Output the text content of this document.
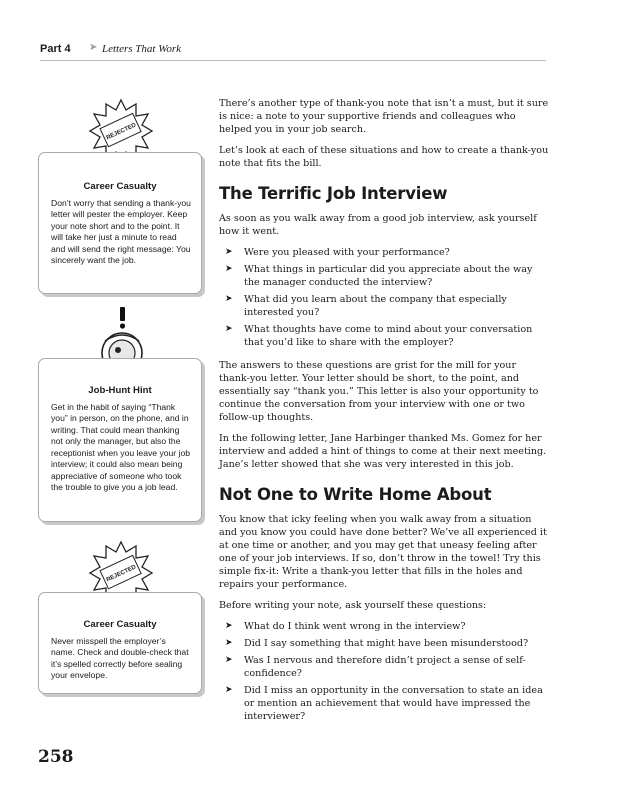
Part 4 ➤ Letters That Work
REJECTED

Career Casualty

Don’t worry that sending a thank-you letter will pester the employer. Keep your note short and to the point. It will take her just a minute to read and will send the right message: You sincerely want the job.

Job-Hunt Hint

Get in the habit of saying “Thank you” in person, on the phone, and in writing. That could mean thanking not only the manager, but also the receptionist when you leave your job interview; it could also mean being appreciative of someone who took the trouble to give you a job lead.

REJECTED

Career Casualty

Never misspell the employer’s name. Check and double-check that it’s spelled correctly before sealing your envelope.

There’s another type of thank-you note that isn’t a must, but it sure is nice: a note to your supportive friends and colleagues who helped you in your job search.

Let’s look at each of these situations and how to create a thank-you note that fits the bill.

The Terrific Job Interview

As soon as you walk away from a good job interview, ask yourself how it went.

➤ Were you pleased with your performance?
➤ What things in particular did you appreciate about the way the manager conducted the interview?
➤ What did you learn about the company that especially interested you?
➤ What thoughts have come to mind about your conversation that you’d like to share with the employer?

The answers to these questions are grist for the mill for your thank-you letter. Your letter should be short, to the point, and essentially say “thank you.” This letter is also your opportunity to continue the conversation from your interview with one or two follow-up thoughts.

In the following letter, Jane Harbinger thanked Ms. Gomez for her interview and added a hint of things to come at their next meeting. Jane’s letter showed that she was very interested in this job.

Not One to Write Home About

You know that icky feeling when you walk away from a situation and you know you could have done better? We’ve all experienced it at one time or another, and you may get that uneasy feeling after one of your job interviews. If so, don’t throw in the towel! Try this simple fix-it: Write a thank-you letter that fills in the holes and repairs your performance.

Before writing your note, ask yourself these questions:

➤ What do I think went wrong in the interview?
➤ Did I say something that might have been misunderstood?
➤ Was I nervous and therefore didn’t project a sense of self-confidence?
➤ Did I miss an opportunity in the conversation to state an idea or mention an achievement that would have impressed the interviewer?
258
